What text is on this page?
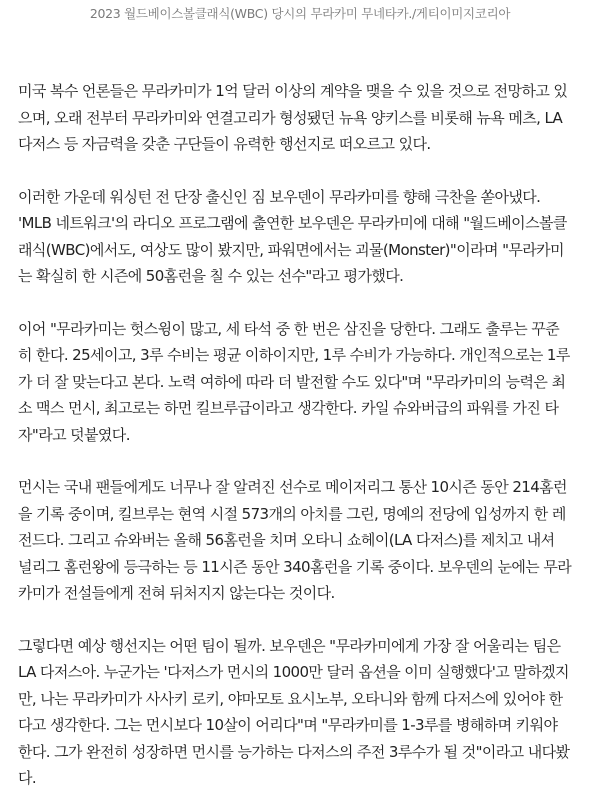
2023 월드베이스볼클래식(WBC) 당시의 무라카미 무네타카./게티이미지코리아

미국 복수 언론들은 무라카미가 1억 달러 이상의 계약을 맺을 수 있을 것으로 전망하고 있
으며, 오래 전부터 무라카미와 연결고리가 형성됐던 뉴욕 양키스를 비롯해 뉴욕 메츠, LA
다저스 등 자금력을 갖춘 구단들이 유력한 행선지로 떠오르고 있다.

이러한 가운데 워싱턴 전 단장 출신인 짐 보우덴이 무라카미를 향해 극찬을 쏟아냈다.
'MLB 네트워크'의 라디오 프로그램에 출연한 보우덴은 무라카미에 대해 "월드베이스볼클
래식(WBC)에서도, 여상도 많이 봤지만, 파워면에서는 괴물(Monster)"이라며 "무라카미
는 확실히 한 시즌에 50홈런을 칠 수 있는 선수"라고 평가했다.

이어 "무라카미는 헛스윙이 많고, 세 타석 중 한 번은 삼진을 당한다. 그래도 출루는 꾸준
히 한다. 25세이고, 3루 수비는 평균 이하이지만, 1루 수비가 가능하다. 개인적으로는 1루
가 더 잘 맞는다고 본다. 노력 여하에 따라 더 발전할 수도 있다"며 "무라카미의 능력은 최
소 맥스 먼시, 최고로는 하먼 킬브루급이라고 생각한다. 카일 슈와버급의 파워를 가진 타
자"라고 덧붙였다.

먼시는 국내 팬들에게도 너무나 잘 알려진 선수로 메이저리그 통산 10시즌 동안 214홈런
을 기록 중이며, 킬브루는 현역 시절 573개의 아치를 그린, 명예의 전당에 입성까지 한 레
전드다. 그리고 슈와버는 올해 56홈런을 치며 오타니 쇼헤이(LA 다저스)를 제치고 내셔
널리그 홈런왕에 등극하는 등 11시즌 동안 340홈런을 기록 중이다. 보우덴의 눈에는 무라
카미가 전설들에게 전혀 뒤처지지 않는다는 것이다.

그렇다면 예상 행선지는 어떤 팀이 될까. 보우덴은 "무라카미에게 가장 잘 어울리는 팀은
LA 다저스아. 누군가는 '다저스가 먼시의 1000만 달러 옵션을 이미 실행했다'고 말하겠지
만, 나는 무라카미가 사사키 로키, 야마모토 요시노부, 오타니와 함께 다저스에 있어야 한
다고 생각한다. 그는 먼시보다 10살이 어리다"며 "무라카미를 1-3루를 병해하며 키워야
한다. 그가 완전히 성장하면 먼시를 능가하는 다저스의 주전 3루수가 될 것"이라고 내다봤
다.
